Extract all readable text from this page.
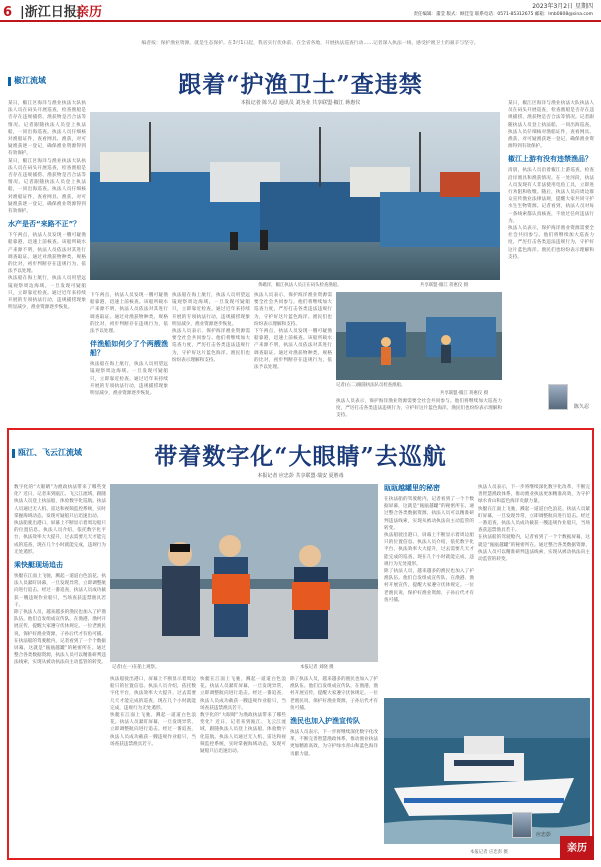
6 |浙江日报|
亲历	2023年3月2日 星期四
责任编辑：董莹 版式：顾佳莹 联系电话：0571-85312675 邮箱：lmb0808@sina.com
椒江流域
编者按：保护渔业资源，就是生态保护。在3月1日起，我省实行伏休前，在全省各地，开展执法巡查行动……记者深入执法一线，感受护渔卫士的艰辛与坚守。
跟着“护渔卫士”查违禁
本报记者 陈久忍 通讯员 刘为业 共享联盟·椒江 蒋惠仪

某日，椒江区海洋与渔业执法大队执法人员在码头开展巡查，检查渔船是否存在违规捕捞、渔获物是否合法等情况。记者跟随执法人员登上执法船，一同出海巡查。执法人员仔细核对渔船证件，查看网具、渔获，对可疑渔获逐一登记，确保渔业资源得到有效保护。

某日，椒江区海洋与渔业执法大队执法人员在码头开展巡查，检查渔船是否存在违规捕捞、渔获物是否合法等情况。记者跟随执法人员登上执法船，一同出海巡查。执法人员仔细核对渔船证件，查看网具、渔获，对可疑渔获逐一登记，确保渔业资源得到有效保护。

水产是否“来路不正”？

下午两点，执法人员发现一艘可疑渔船靠港，迅速上前核查。该船所载水产来源不明，执法人员依法对其进行调查取证。通过对渔获物种类、规格的比对，初步判断存在违规行为，依法予以处理。

执法船在海上航行，执法人员用望远镜观察周边海域。一旦发现可疑船只，立即靠近检查。通过近年来持续开展的专项执法行动，违规捕捞现象明显减少，渔业资源逐步恢复。

黄礁洋，椒江执法人员正在码头检查渔船。	共享联盟·椒江 蒋惠仪 摄

下午两点，执法人员发现一艘可疑渔船靠港，迅速上前核查。该船所载水产来源不明，执法人员依法对其进行调查取证。通过对渔获物种类、规格的比对，初步判断存在违规行为，依法予以处理。

伴渔船如何少了个两艘渔船？

执法船在海上航行，执法人员用望远镜观察周边海域。一旦发现可疑船只，立即靠近检查。通过近年来持续开展的专项执法行动，违规捕捞现象明显减少，渔业资源逐步恢复。

执法船在海上航行，执法人员用望远镜观察周边海域。一旦发现可疑船只，立即靠近检查。通过近年来持续开展的专项执法行动，违规捕捞现象明显减少，渔业资源逐步恢复。

执法人员表示，保护海洋渔业资源需要全社会共同参与。他们将继续加大巡查力度，严厉打击各类违法违规行为，守护好这片蓝色海洋。渔民们也纷纷表示理解和支持。

执法人员表示，保护海洋渔业资源需要全社会共同参与。他们将继续加大巡查力度，严厉打击各类违法违规行为，守护好这片蓝色海洋。渔民们也纷纷表示理解和支持。

下午两点，执法人员发现一艘可疑渔船靠港，迅速上前核查。该船所载水产来源不明，执法人员依法对其进行调查取证。通过对渔获物种类、规格的比对，初步判断存在违规行为，依法予以处理。

记者(右二)跟随执法队员检查渔船。
共享联盟·椒江 蒋惠仪 摄

执法人员表示，保护海洋渔业资源需要全社会共同参与。他们将继续加大巡查力度，严厉打击各类违法违规行为，守护好这片蓝色海洋。渔民们也纷纷表示理解和支持。

某日，椒江区海洋与渔业执法大队执法人员在码头开展巡查，检查渔船是否存在违规捕捞、渔获物是否合法等情况。记者跟随执法人员登上执法船，一同出海巡查。执法人员仔细核对渔船证件，查看网具、渔获，对可疑渔获逐一登记，确保渔业资源得到有效保护。

椒江上游有没有违禁渔品？

清晨，执法人员沿着椒江上游巡查，检查沿岸渔具和渔获情况。在一处河段，执法人员发现有人非法使用电鱼工具，立即进行劝阻和收缴。随后，执法人员向周边群众宣传渔业法律法规，提醒大家共同守护水生生物资源。记者看到，执法人员对每一条线索都认真核查，不放过任何违法行为。

执法人员表示，保护海洋渔业资源需要全社会共同参与。他们将继续加大巡查力度，严厉打击各类违法违规行为，守护好这片蓝色海洋。渔民们也纷纷表示理解和支持。

陈久忍
瓯江、飞云江流域	带着数字化“大眼睛”去巡航
本报记者 应忠彭 共享联盟·瑞安 夏胜毒

数字化的“大眼睛”为渔政执法带来了哪些变化？近日，记者来到瓯江、飞云江流域，跟随执法人员登上执法船，体验数字化巡航。执法人员通过无人机、雷达和视频监控系统，实时掌握海域动态，发现可疑船只后迅速出动。

执法船驶出港口，屏幕上不断显示着周边船只的位置信息。执法人员介绍，依托数字化平台，执法效率大大提升，过去需要几天才能完成的巡查，现在几个小时就能完成，违规行为无处遁形。

乘快艇现场追击

快艇在江面上飞驰，溅起一道道白色浪花。执法人员紧盯屏幕，一旦发现异常，立即调整航向进行追击。经过一番追查，执法人员成功截获一艘违规作业船只，当场查获违禁渔具若干。

除了执法人员，越来越多的渔民也加入了护渔队伍。他们自发组成宣传队，在渔港、渔村开展宣传，提醒大家遵守伏休规定。一位老渔民说，保护好渔业资源，子孙后代才有鱼可捕。

在执法船的驾驶舱内，记者看到了一个个数据屏幕，这就是“瓯瓯越罐”的秘密所在。通过整合各类数据资源，执法人员可以精准研判违法线索，实现从被动执法向主动监管的转变。

记者(左一)在船上观察。	本报记者 刘晓 摄

执法船驶出港口，屏幕上不断显示着周边船只的位置信息。执法人员介绍，依托数字化平台，执法效率大大提升，过去需要几天才能完成的巡查，现在几个小时就能完成，违规行为无处遁形。

快艇在江面上飞驰，溅起一道道白色浪花。执法人员紧盯屏幕，一旦发现异常，立即调整航向进行追击。经过一番追查，执法人员成功截获一艘违规作业船只，当场查获违禁渔具若干。

快艇在江面上飞驰，溅起一道道白色浪花。执法人员紧盯屏幕，一旦发现异常，立即调整航向进行追击。经过一番追查，执法人员成功截获一艘违规作业船只，当场查获违禁渔具若干。

数字化的“大眼睛”为渔政执法带来了哪些变化？近日，记者来到瓯江、飞云江流域，跟随执法人员登上执法船，体验数字化巡航。执法人员通过无人机、雷达和视频监控系统，实时掌握海域动态，发现可疑船只后迅速出动。

除了执法人员，越来越多的渔民也加入了护渔队伍。他们自发组成宣传队，在渔港、渔村开展宣传，提醒大家遵守伏休规定。一位老渔民说，保护好渔业资源，子孙后代才有鱼可捕。

渔民也加入护渔宣传队

执法人员表示，下一步将继续深化数字化改革，不断完善智慧渔政体系，推动渔业执法更加精准高效，为守护绿水青山和蓝色海洋贡献力量。

瓯瓯越罐里的秘密

在执法船的驾驶舱内，记者看到了一个个数据屏幕，这就是“瓯瓯越罐”的秘密所在。通过整合各类数据资源，执法人员可以精准研判违法线索，实现从被动执法向主动监管的转变。

执法船驶出港口，屏幕上不断显示着周边船只的位置信息。执法人员介绍，依托数字化平台，执法效率大大提升，过去需要几天才能完成的巡查，现在几个小时就能完成，违规行为无处遁形。

除了执法人员，越来越多的渔民也加入了护渔队伍。他们自发组成宣传队，在渔港、渔村开展宣传，提醒大家遵守伏休规定。一位老渔民说，保护好渔业资源，子孙后代才有鱼可捕。

执法人员表示，下一步将继续深化数字化改革，不断完善智慧渔政体系，推动渔业执法更加精准高效，为守护绿水青山和蓝色海洋贡献力量。

快艇在江面上飞驰，溅起一道道白色浪花。执法人员紧盯屏幕，一旦发现异常，立即调整航向进行追击。经过一番追查，执法人员成功截获一艘违规作业船只，当场查获违禁渔具若干。

在执法船的驾驶舱内，记者看到了一个个数据屏幕，这就是“瓯瓯越罐”的秘密所在。通过整合各类数据资源，执法人员可以精准研判违法线索，实现从被动执法向主动监管的转变。

本报记者 应忠彭 摄
应忠彭
亲历
